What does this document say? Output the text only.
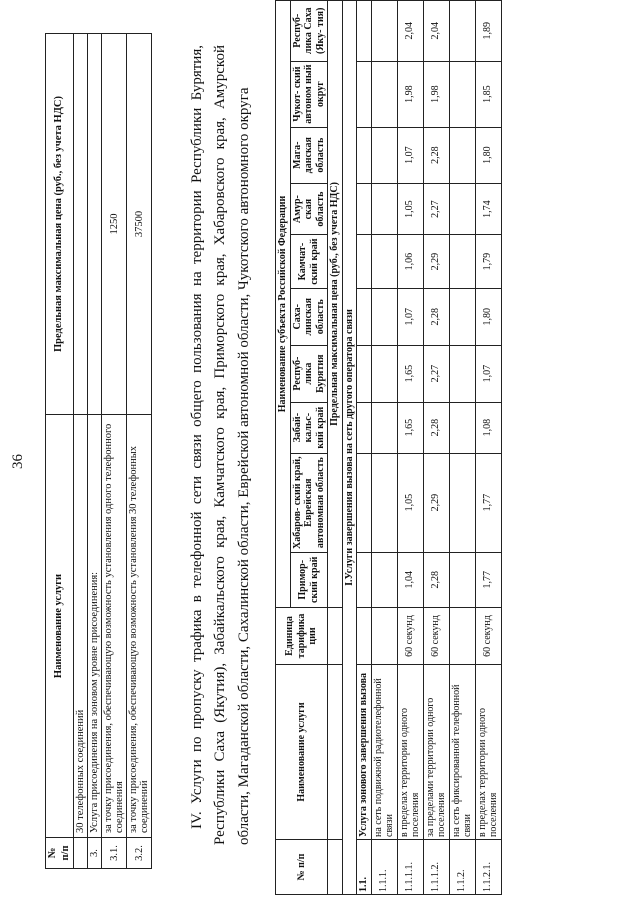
36
№ п/п	Наименование услуги	Предельная максимальная цена (руб., без учета НДС)
	30 телефонных соединений	
3.	Услуга присоединения на зоновом уровне присоединения:	
3.1.	за точку присоединения, обеспечивающую возможность установления одного телефонного соединения	1250
3.2.	за точку присоединения, обеспечивающую возможность установления 30 телефонных соединений	37500	IV. Услуги по пропуску трафика в телефонной сети связи общего пользования на территории Республики Бурятия, Республики Саха (Якутия), Забайкальского края, Камчатского края, Приморского края, Хабаровского края, Амурской области, Магаданской области, Сахалинской области, Еврейской автономной области, Чукотского автономного округа
№ п/п	Наименование услуги	Единица тарифика ции	Наименование субъекта Российской Федерации									
			Примор- ский край	Хабаров- ский край, Еврейская автономная область	Забай- кальс- кий край	Респуб- лика Бурятия	Саха- линская область	Камчат- ский край	Амур- ская область	Мага- данская область	Чукот- ский автоном ный округ	Респуб- лика Саха (Яку- тия)
			Предельная максимальная цена (руб., без учета НДС)									
I.Услуги завершения вызова на сеть другого оператора связи												
1.1.	Услуга зонового завершения вызова											
1.1.1.	на сеть подвижной радиотелефонной связи											
1.1.1.1.	в пределах территории одного поселения	60 секунд	1,04	1,05	1,65	1,65	1,07	1,06	1,05	1,07	1,98	2,04
1.1.1.2.	за пределами территории одного поселения	60 секунд	2,28	2,29	2,28	2,27	2,28	2,29	2,27	2,28	1,98	2,04
1.1.2.	на сеть фиксированной телефонной связи											
1.1.2.1.	в пределах территории одного поселения	60 секунд	1,77	1,77	1,08	1,07	1,80	1,79	1,74	1,80	1,85	1,89
